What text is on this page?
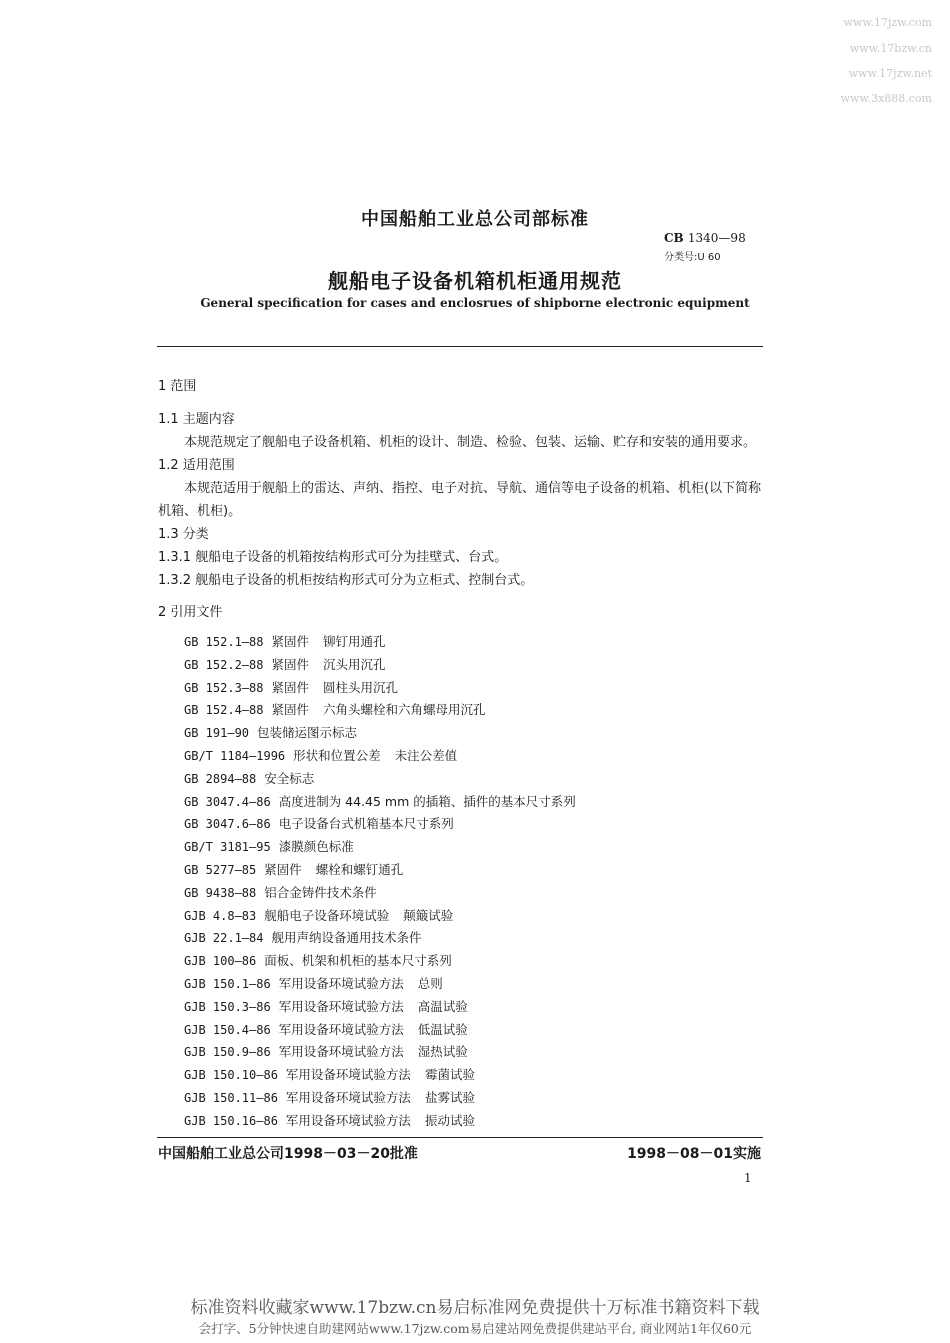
www.17jzw.com
www.17bzw.cn
www.17jzw.net
www.3x888.com
中国船舶工业总公司部标准
CB 1340—98
分类号:U 60
舰船电子设备机箱机柜通用规范
General specification for cases and enclosrues of shipborne electronic equipment
1 范围
1.1 主题内容
本规范规定了舰船电子设备机箱、机柜的设计、制造、检验、包装、运输、贮存和安装的通用要求。
1.2 适用范围
本规范适用于舰船上的雷达、声纳、指控、电子对抗、导航、通信等电子设备的机箱、机柜(以下简称
机箱、机柜)。
1.3 分类
1.3.1 舰船电子设备的机箱按结构形式可分为挂壁式、台式。
1.3.2 舰船电子设备的机柜按结构形式可分为立柜式、控制台式。
2 引用文件
GB 152.1—88 紧固件 铆钉用通孔
GB 152.2—88 紧固件 沉头用沉孔
GB 152.3—88 紧固件 圆柱头用沉孔
GB 152.4—88 紧固件 六角头螺栓和六角螺母用沉孔
GB 191—90 包装储运图示标志
GB/T 1184—1996 形状和位置公差 未注公差值
GB 2894—88 安全标志
GB 3047.4—86 高度进制为 44.45 mm 的插箱、插件的基本尺寸系列
GB 3047.6—86 电子设备台式机箱基本尺寸系列
GB/T 3181—95 漆膜颜色标准
GB 5277—85 紧固件 螺栓和螺钉通孔
GB 9438—88 铝合金铸件技术条件
GJB 4.8—83 舰船电子设备环境试验 颠簸试验
GJB 22.1—84 舰用声纳设备通用技术条件
GJB 100—86 面板、机架和机柜的基本尺寸系列
GJB 150.1—86 军用设备环境试验方法 总则
GJB 150.3—86 军用设备环境试验方法 高温试验
GJB 150.4—86 军用设备环境试验方法 低温试验
GJB 150.9—86 军用设备环境试验方法 湿热试验
GJB 150.10—86 军用设备环境试验方法 霉菌试验
GJB 150.11—86 军用设备环境试验方法 盐雾试验
GJB 150.16—86 军用设备环境试验方法 振动试验
中国船舶工业总公司1998－03－20批准	1998－08－01实施
1
标准资料收藏家www.17bzw.cn易启标准网免费提供十万标准书籍资料下载
会打字、5分钟快速自助建网站www.17jzw.com易启建站网免费提供建站平台, 商业网站1年仅60元
